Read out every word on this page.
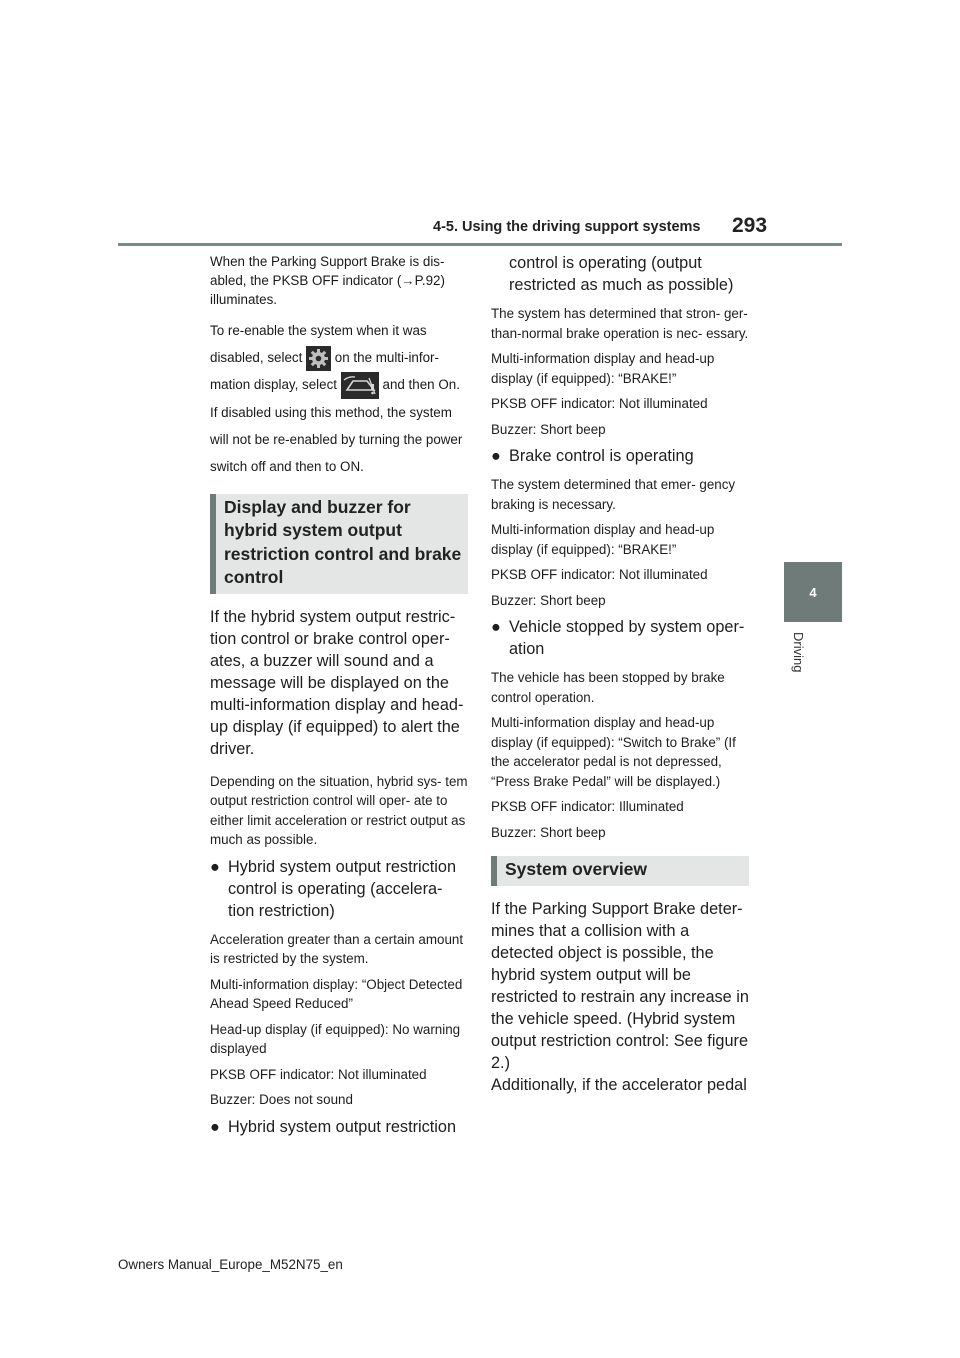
4-5. Using the driving support systems 293
4
Driving

When the Parking Support Brake is dis- abled, the PKSB OFF indicator (→P.92) illuminates.

To re-enable the system when it was disabled, select on the multi-infor- mation display, select	and then On. If disabled using this method, the system will not be re-enabled by turning the power switch off and then to ON.

Display and buzzer for hybrid system output restriction control and brake control

If the hybrid system output restric- tion control or brake control oper- ates, a buzzer will sound and a message will be displayed on the multi-information display and head- up display (if equipped) to alert the driver.

Depending on the situation, hybrid sys- tem output restriction control will oper- ate to either limit acceleration or restrict output as much as possible.

● Hybrid system output restriction control is operating (accelera- tion restriction)

Acceleration greater than a certain amount is restricted by the system.

Multi-information display: “Object Detected Ahead Speed Reduced”

Head-up display (if equipped): No warning displayed

PKSB OFF indicator: Not illuminated

Buzzer: Does not sound

● Hybrid system output restriction

control is operating (output restricted as much as possible)

The system has determined that stron- ger-than-normal brake operation is nec- essary.

Multi-information display and head-up display (if equipped): “BRAKE!”

PKSB OFF indicator: Not illuminated

Buzzer: Short beep

● Brake control is operating

The system determined that emer- gency braking is necessary.

Multi-information display and head-up display (if equipped): “BRAKE!”

PKSB OFF indicator: Not illuminated

Buzzer: Short beep

● Vehicle stopped by system oper- ation

The vehicle has been stopped by brake control operation.

Multi-information display and head-up display (if equipped): “Switch to Brake” (If the accelerator pedal is not depressed, “Press Brake Pedal” will be displayed.)

PKSB OFF indicator: Illuminated

Buzzer: Short beep

System overview

If the Parking Support Brake deter- mines that a collision with a detected object is possible, the hybrid system output will be restricted to restrain any increase in the vehicle speed. (Hybrid system output restriction control: See figure 2.)

Additionally, if the accelerator pedal

Owners Manual_Europe_M52N75_en
